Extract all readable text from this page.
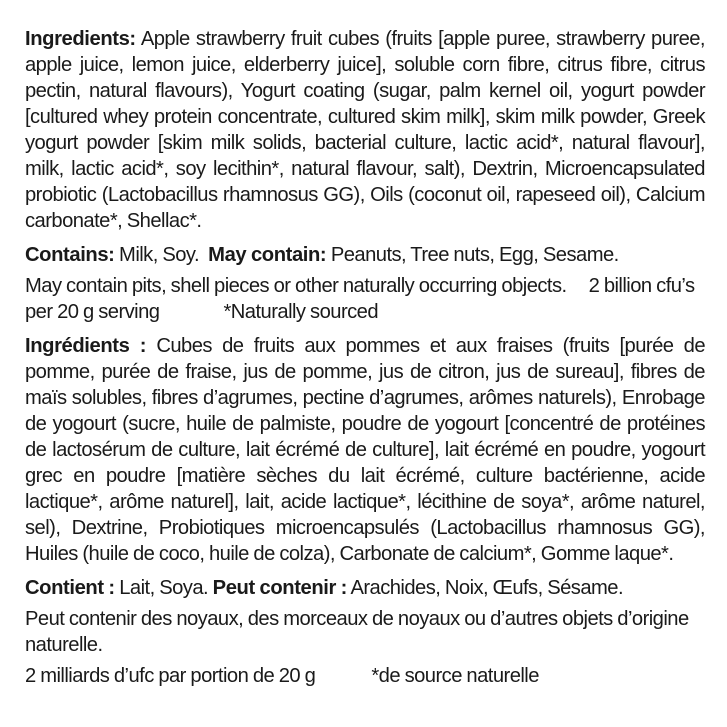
Ingredients: Apple strawberry fruit cubes (fruits [apple puree, strawberry puree, apple juice, lemon juice, elderberry juice], soluble corn fibre, citrus fibre, citrus pectin, natural flavours), Yogurt coating (sugar, palm kernel oil, yogurt powder [cultured whey protein concentrate, cultured skim milk], skim milk powder, Greek yogurt powder [skim milk solids, bacterial culture, lactic acid*, natural flavour], milk, lactic acid*, soy lecithin*, natural flavour, salt), Dextrin, Microencapsulated probiotic (Lactobacillus rhamnosus GG), Oils (coconut oil, rapeseed oil), Calcium carbonate*, Shellac*.

Contains: Milk, Soy. May contain: Peanuts, Tree nuts, Egg, Sesame.

May contain pits, shell pieces or other naturally occurring objects. 2 billion cfu’s per 20 g serving	*Naturally sourced

Ingrédients : Cubes de fruits aux pommes et aux fraises (fruits [purée de pomme, purée de fraise, jus de pomme, jus de citron, jus de sureau], fibres de maïs solubles, fibres d’agrumes, pectine d’agrumes, arômes naturels), Enrobage de yogourt (sucre, huile de palmiste, poudre de yogourt [concentré de protéines de lactosérum de culture, lait écrémé de culture], lait écrémé en poudre, yogourt grec en poudre [matière sèches du lait écrémé, culture bactérienne, acide lactique*, arôme naturel], lait, acide lactique*, lécithine de soya*, arôme naturel, sel), Dextrine, Probiotiques microencapsulés (Lactobacillus rhamnosus GG), Huiles (huile de coco, huile de colza), Carbonate de calcium*, Gomme laque*.

Contient : Lait, Soya. Peut contenir : Arachides, Noix, Œufs, Sésame.

Peut contenir des noyaux, des morceaux de noyaux ou d’autres objets d’origine naturelle.

2 milliards d’ufc par portion de 20 g	*de source naturelle
